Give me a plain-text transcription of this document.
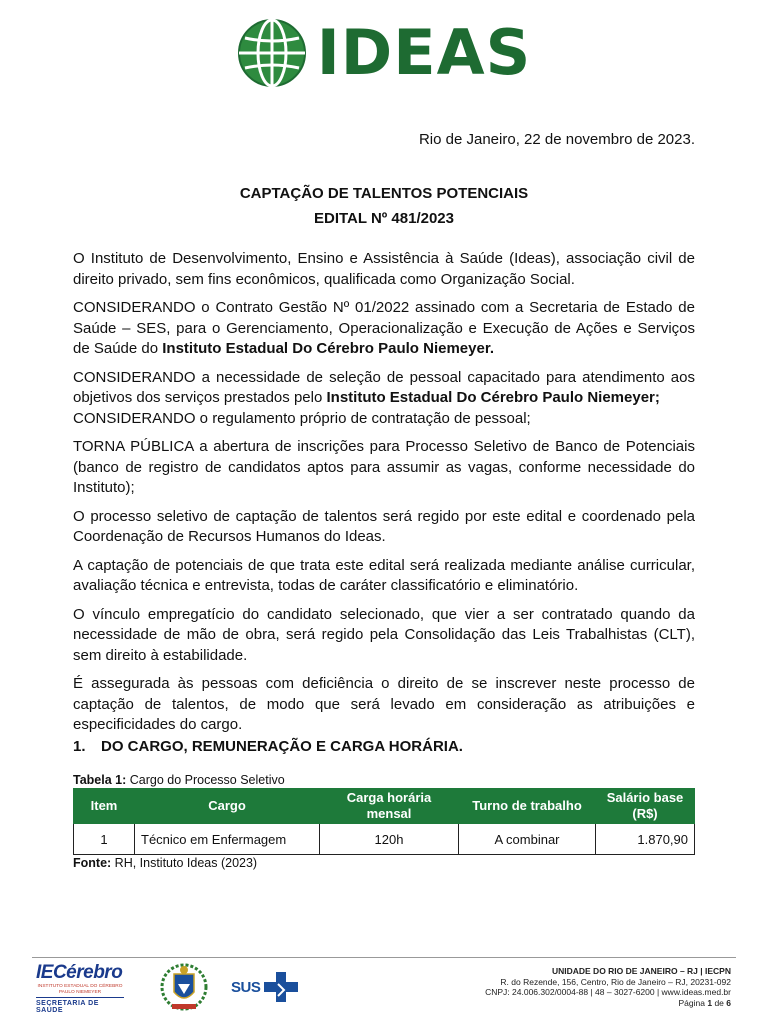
IDEAS
Rio de Janeiro, 22 de novembro de 2023.
CAPTAÇÃO DE TALENTOS POTENCIAIS
EDITAL Nº 481/2023

O Instituto de Desenvolvimento, Ensino e Assistência à Saúde (Ideas), associação civil de direito privado, sem fins econômicos, qualificada como Organização Social.

CONSIDERANDO o Contrato Gestão Nº 01/2022 assinado com a Secretaria de Estado de Saúde – SES, para o Gerenciamento, Operacionalização e Execução de Ações e Serviços de Saúde do Instituto Estadual Do Cérebro Paulo Niemeyer.

CONSIDERANDO a necessidade de seleção de pessoal capacitado para atendimento aos objetivos dos serviços prestados pelo Instituto Estadual Do Cérebro Paulo Niemeyer;

CONSIDERANDO o regulamento próprio de contratação de pessoal;

TORNA PÚBLICA a abertura de inscrições para Processo Seletivo de Banco de Potenciais (banco de registro de candidatos aptos para assumir as vagas, conforme necessidade do Instituto);

O processo seletivo de captação de talentos será regido por este edital e coordenado pela Coordenação de Recursos Humanos do Ideas.

A captação de potenciais de que trata este edital será realizada mediante análise curricular, avaliação técnica e entrevista, todas de caráter classificatório e eliminatório.

O vínculo empregatício do candidato selecionado, que vier a ser contratado quando da necessidade de mão de obra, será regido pela Consolidação das Leis Trabalhistas (CLT), sem direito à estabilidade.

É assegurada às pessoas com deficiência o direito de se inscrever neste processo de captação de talentos, de modo que será levado em consideração as atribuições e especificidades do cargo.

1. DO CARGO, REMUNERAÇÃO E CARGA HORÁRIA.
Tabela 1: Cargo do Processo Seletivo
Item	Cargo	Carga horária mensal	Turno de trabalho	Salário base (R$)
1	Técnico em Enfermagem	120h	A combinar	1.870,90
Fonte: RH, Instituto Ideas (2023)
IECérebro
INSTITUTO ESTADUAL DO CÉREBRO
PAULO NIEMEYER
SECRETARIA DE SAÚDE
SUS
UNIDADE DO RIO DE JANEIRO – RJ | IECPN
R. do Rezende, 156, Centro, Rio de Janeiro – RJ, 20231-092
CNPJ: 24.006.302/0004-88 | 48 – 3027-6200 | www.ideas.med.br
Página 1 de 6
